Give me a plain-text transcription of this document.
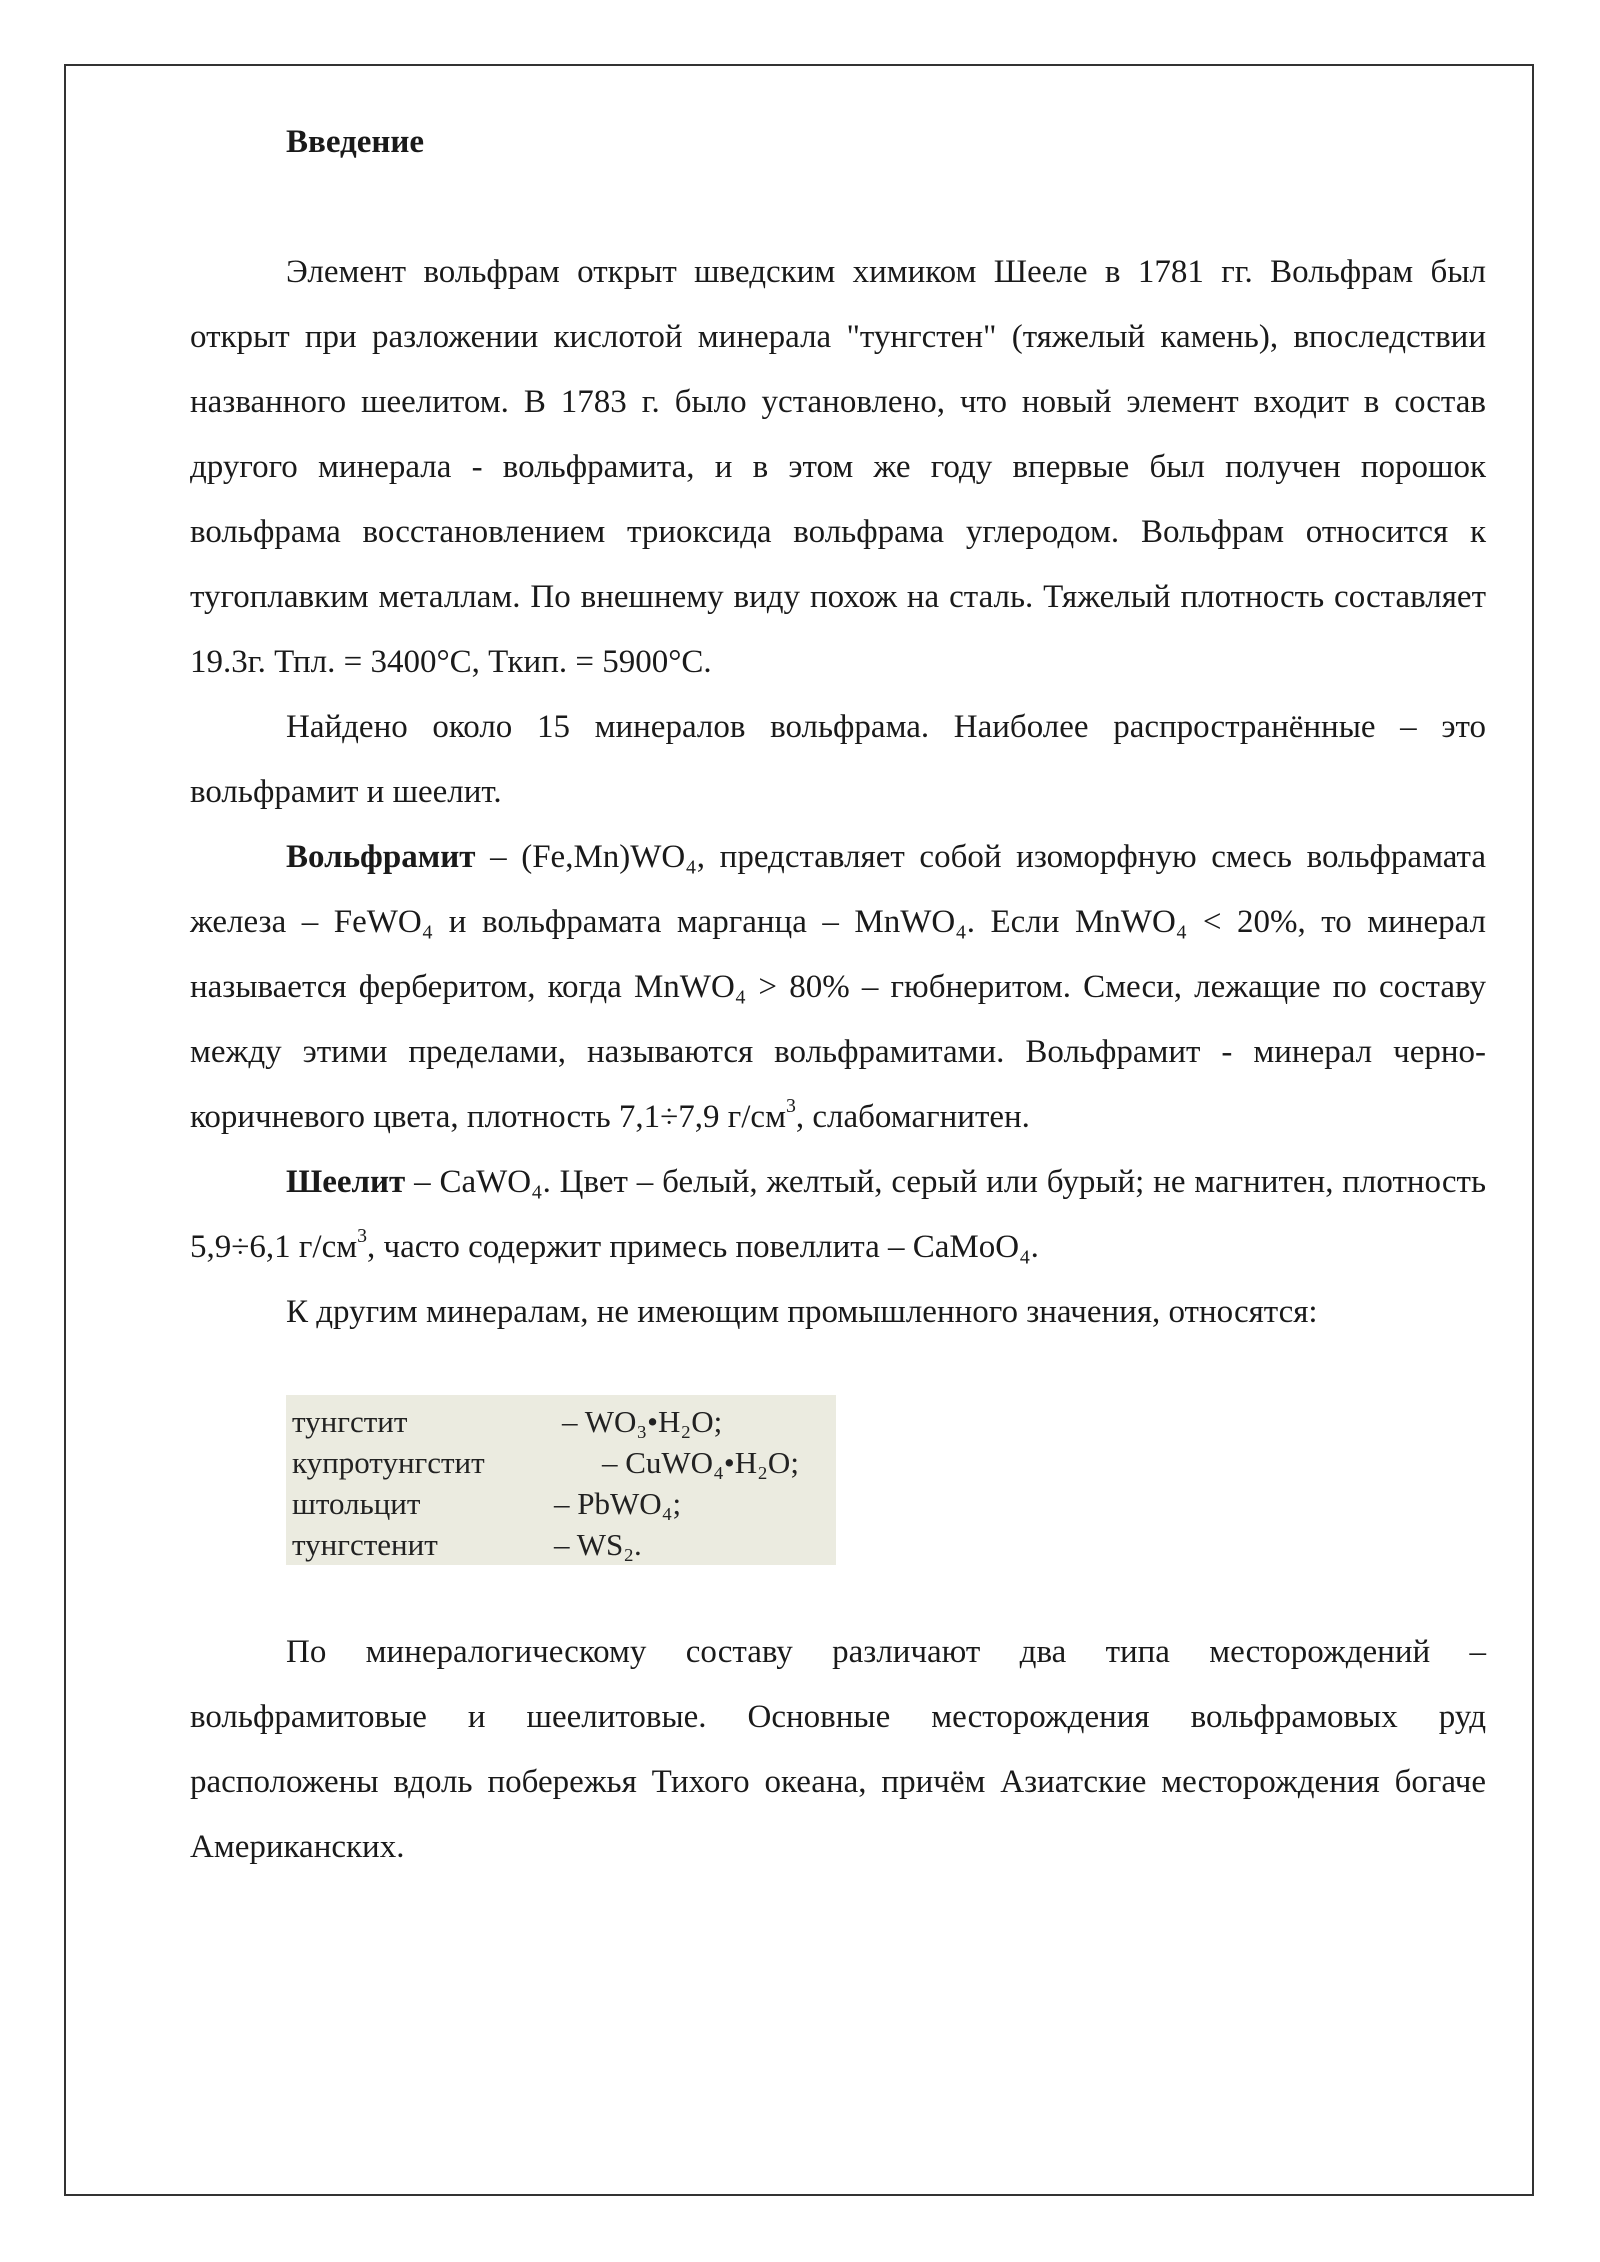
Введение

Элемент вольфрам открыт шведским химиком Шееле в 1781 гг. Вольфрам был открыт при разложении кислотой минерала "тунгстен" (тяжелый камень), впоследствии названного шеелитом. В 1783 г. было установлено, что новый элемент входит в состав другого минерала - вольфрамита, и в этом же году впервые был получен порошок вольфрама восстановлением триоксида вольфрама углеродом. Вольфрам относится к тугоплавким металлам. По внешнему виду похож на сталь. Тяжелый плотность составляет 19.3г. Тпл. = 3400°С, Ткип. = 5900°С.

Найдено около 15 минералов вольфрама. Наиболее распространённые – это вольфрамит и шеелит.

Вольфрамит – (Fe,Mn)WO₄, представляет собой изоморфную смесь вольфрамата железа – FeWO₄ и вольфрамата марганца – MnWO₄. Если MnWO₄ < 20%, то минерал называется ферберитом, когда MnWO₄ > 80% – гюбнеритом. Смеси, лежащие по составу между этими пределами, называются вольфрамитами. Вольфрамит - минерал черно-коричневого цвета, плотность 7,1÷7,9 $г/см^3$, слабомагнитен.

Шеелит – CaWO₄. Цвет – белый, желтый, серый или бурый; не магнитен, плотность 5,9÷6,1 $г/см^3$, часто содержит примесь повеллита – CaMoO₄.

К другим минералам, не имеющим промышленного значения, относятся:

тунгстит	– WO₃•H₂O;
купротунгстит	– CuWO₄•H₂O;
штольцит	– PbWO₄;
тунгстенит	– WS₂.

По минералогическому составу различают два типа месторождений – вольфрамитовые и шеелитовые. Основные месторождения вольфрамовых руд расположены вдоль побережья Тихого океана, причём Азиатские месторождения богаче Американских.
